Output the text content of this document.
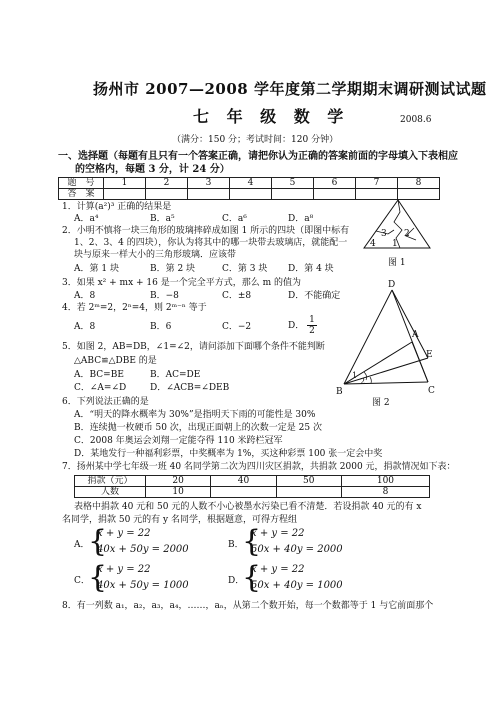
扬州市 2007—2008 学年度第二学期期末调研测试试题
七 年 级 数 学	2008.6
（满分：150 分；考试时间：120 分钟）
一、选择题（每题有且只有一个答案正确，请把你认为正确的答案前面的字母填入下表相应
的空格内，每题 3 分，计 24 分）
题　号	1	2	3	4	5	6	7	8
答　案								
1．计算(a²)³ 正确的结果是
A．a⁴	B．a⁵	C．a⁶	D．a⁸
2．小明不慎将一块三角形的玻璃摔碎成如图 1 所示的四块（即图中标有
1、2、3、4 的四块），你认为将其中的哪一块带去玻璃店，就能配一
块与原来一样大小的三角形玻璃．应该带
A．第 1 块	B．第 2 块	C．第 3 块 D．第 4 块
3 2
4 1
图 1
3．如果 x² + mx + 16 是一个完全平方式，那么 m 的值为
A．8	B．−8	C．±8	D．不能确定
4．若 2ᵐ=2，2ⁿ=4，则 2ᵐ⁻ⁿ 等于
A．8	B．6	C．−2	D． $\frac{1}{2}$
5．如图 2，AB=DB，∠1=∠2，请问添加下面哪个条件不能判断
△ABC≌△DBE 的是
A．BC=BE	B．AC=DE
C．∠A=∠D	D．∠ACB=∠DEB
D
A
E
B	C
1
2
图 2
6．下列说法正确的是
A．“明天的降水概率为 30%”是指明天下雨的可能性是 30%
B．连续抛一枚硬币 50 次，出现正面朝上的次数一定是 25 次
C．2008 年奥运会刘翔一定能夺得 110 米跨栏冠军
D．某地发行一种福利彩票，中奖概率为 1%，买这种彩票 100 张一定会中奖
7．扬州某中学七年级一班 40 名同学第二次为四川灾区捐款，共捐款 2000 元，捐款情况如下表：
捐款（元）	20	40	50	100
人数	10			8
表格中捐款 40 元和 50 元的人数不小心被墨水污染已看不清楚．若设捐款 40 元的有 x
名同学，捐款 50 元的有 y 名同学，根据题意，可得方程组
A．
{
x + y = 22
40x + 50y = 2000	B．
{
x + y = 22
50x + 40y = 2000
C．
{
x + y = 22
40x + 50y = 1000	D．
{
x + y = 22
50x + 40y = 1000
8．有一列数 a₁，a₂，a₃，a₄，……，aₙ，从第二个数开始，每一个数都等于 1 与它前面那个
